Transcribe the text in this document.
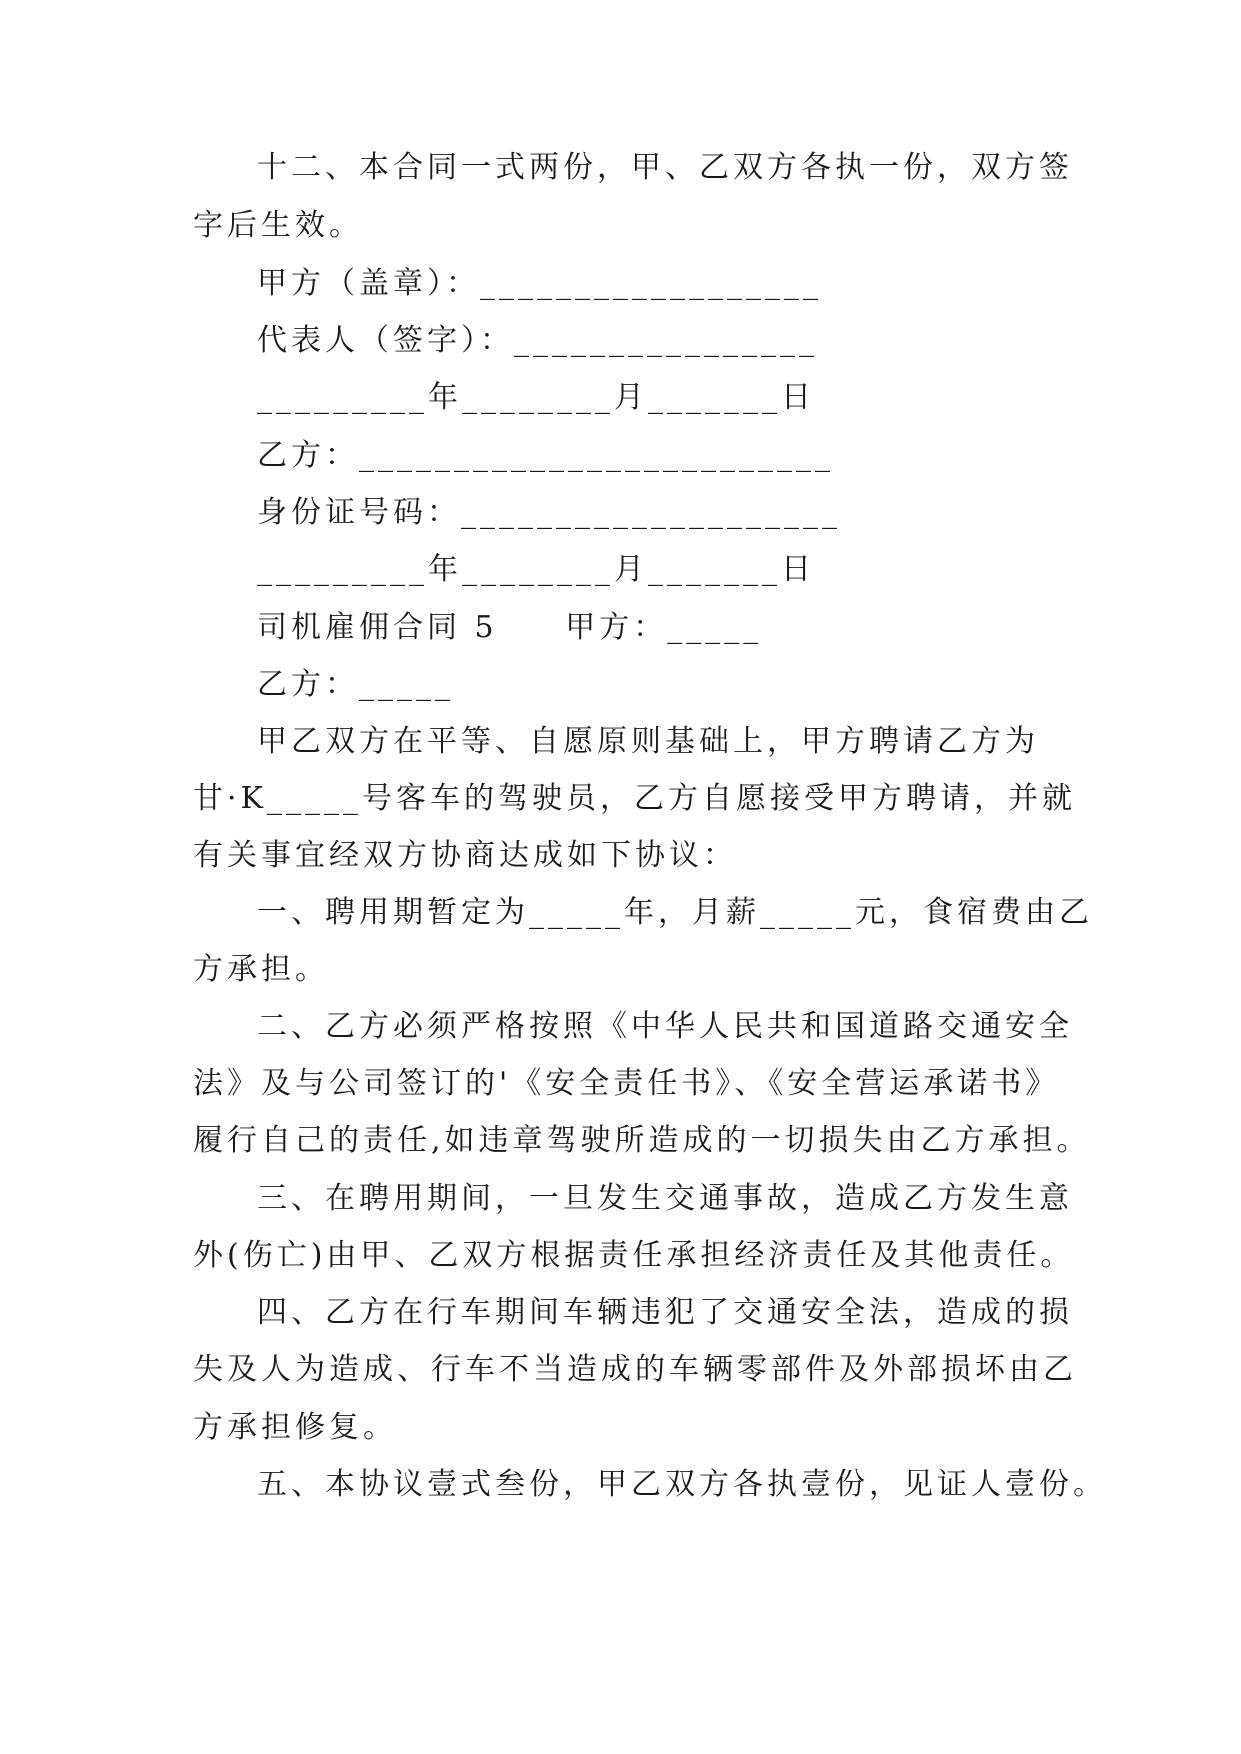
十二、本合同一式两份，甲、乙双方各执一份，双方签
字后生效。
甲方（盖章）：__________________
代表人（签字）：________________
_________年________月_______日
乙方：_________________________
身份证号码：____________________
_________年________月_______日
司机雇佣合同 5     甲方：_____
乙方：_____
甲乙双方在平等、自愿原则基础上，甲方聘请乙方为
甘·K_____号客车的驾驶员，乙方自愿接受甲方聘请，并就
有关事宜经双方协商达成如下协议：
一、聘用期暂定为_____年，月薪_____元，食宿费由乙
方承担。
二、乙方必须严格按照《中华人民共和国道路交通安全
法》及与公司签订的'《安全责任书》、《安全营运承诺书》
履行自己的责任,如违章驾驶所造成的一切损失由乙方承担。
三、在聘用期间，一旦发生交通事故，造成乙方发生意
外(伤亡)由甲、乙双方根据责任承担经济责任及其他责任。
四、乙方在行车期间车辆违犯了交通安全法，造成的损
失及人为造成、行车不当造成的车辆零部件及外部损坏由乙
方承担修复。
五、本协议壹式叁份，甲乙双方各执壹份，见证人壹份。
